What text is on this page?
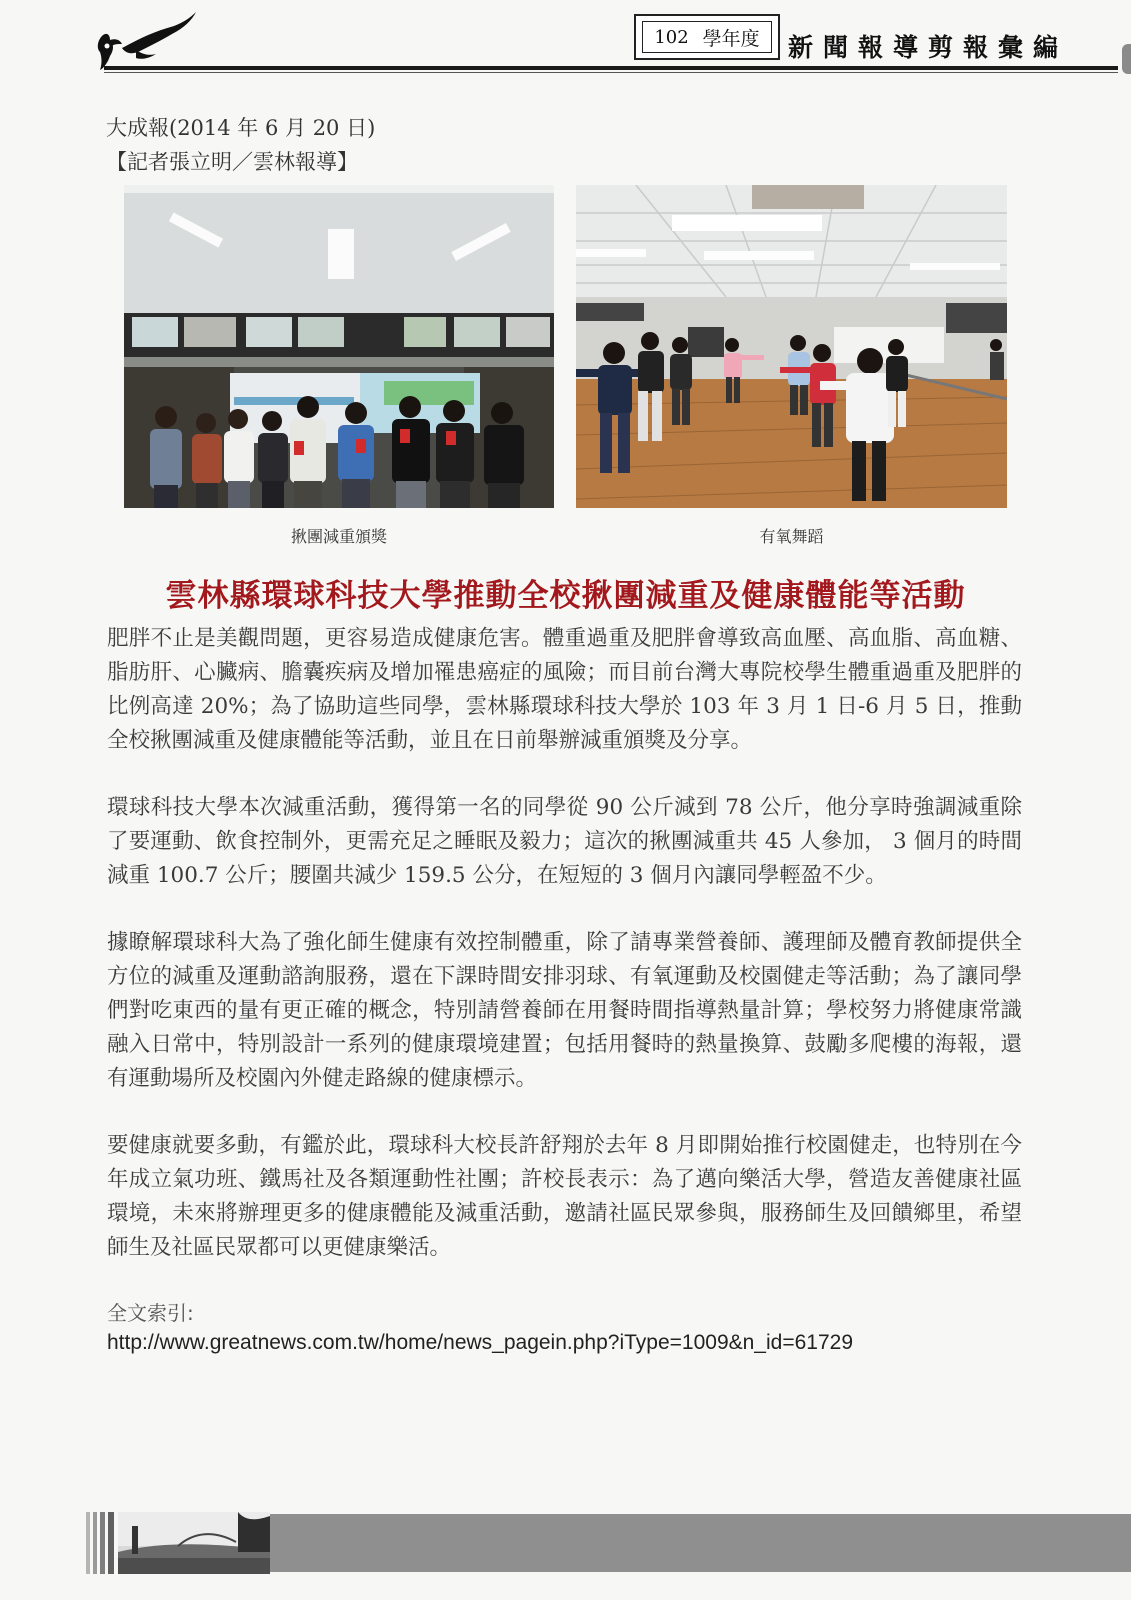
102 學年度 新聞報導剪報彙編
大成報(2014 年 6 月 20 日)
【記者張立明／雲林報導】
揪團減重頒獎	有氧舞蹈
雲林縣環球科技大學推動全校揪團減重及健康體能等活動

肥胖不止是美觀問題，更容易造成健康危害。體重過重及肥胖會導致高血壓、高血脂、高血糖、脂肪肝、心臟病、膽囊疾病及增加罹患癌症的風險；而目前台灣大專院校學生體重過重及肥胖的比例高達 20%；為了協助這些同學，雲林縣環球科技大學於 103 年 3 月 1 日-6 月 5 日，推動全校揪團減重及健康體能等活動，並且在日前舉辦減重頒獎及分享。

環球科技大學本次減重活動，獲得第一名的同學從 90 公斤減到 78 公斤，他分享時強調減重除了要運動、飲食控制外，更需充足之睡眠及毅力；這次的揪團減重共 45 人參加， 3 個月的時間減重 100.7 公斤；腰圍共減少 159.5 公分，在短短的 3 個月內讓同學輕盈不少。

據瞭解環球科大為了強化師生健康有效控制體重，除了請專業營養師、護理師及體育教師提供全方位的減重及運動諮詢服務，還在下課時間安排羽球、有氧運動及校園健走等活動；為了讓同學們對吃東西的量有更正確的概念，特別請營養師在用餐時間指導熱量計算；學校努力將健康常識融入日常中，特別設計一系列的健康環境建置；包括用餐時的熱量換算、鼓勵多爬樓的海報，還有運動場所及校園內外健走路線的健康標示。

要健康就要多動，有鑑於此，環球科大校長許舒翔於去年 8 月即開始推行校園健走，也特別在今年成立氣功班、鐵馬社及各類運動性社團；許校長表示：為了邁向樂活大學，營造友善健康社區環境，未來將辦理更多的健康體能及減重活動，邀請社區民眾參與，服務師生及回饋鄉里，希望師生及社區民眾都可以更健康樂活。

全文索引:
http://www.greatnews.com.tw/home/news_pagein.php?iType=1009&n_id=61729
